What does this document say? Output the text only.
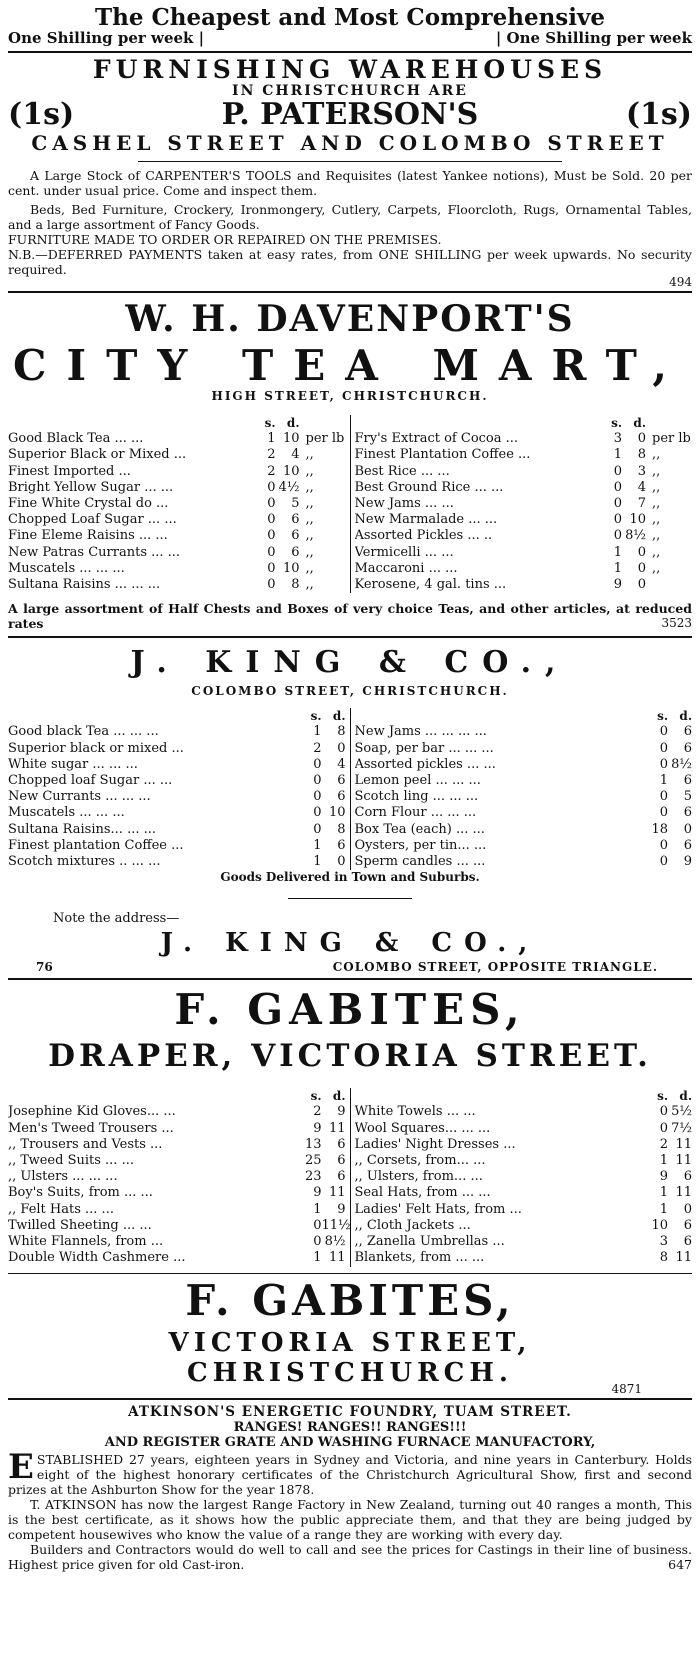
The Cheapest and Most Comprehensive
One Shilling per week |	| One Shilling per week
FURNISHING WAREHOUSES
IN CHRISTCHURCH ARE
(1s)	P. PATERSON'S	(1s)
CASHEL STREET AND COLOMBO STREET

A Large Stock of CARPENTER'S TOOLS and Requisites (latest Yankee notions), Must be Sold. 20 per cent. under usual price. Come and inspect them.

Beds, Bed Furniture, Crockery, Ironmongery, Cutlery, Carpets, Floorcloth, Rugs, Ornamental Tables, and a large assortment of Fancy Goods.

FURNITURE MADE TO ORDER OR REPAIRED ON THE PREMISES.

N.B.—DEFERRED PAYMENTS taken at easy rates, from ONE SHILLING per week upwards. No security required.

494
W. H. DAVENPORT'S
CITY TEA MART,
HIGH STREET, CHRISTCHURCH.
s. d.
Good Black Tea ... ...	1 10 per lb
Superior Black or Mixed ...	2	4 ,,
Finest Imported ...	2 10 ,,
Bright Yellow Sugar ... ...	0 4½ ,,
Fine White Crystal do ...	0	5 ,,
Chopped Loaf Sugar ... ...	0	6 ,,
Fine Eleme Raisins ... ...	0	6 ,,
New Patras Currants ... ...	0	6 ,,
Muscatels ... ... ...	0 10 ,,
Sultana Raisins ... ... ...	0	8 ,,
s. d.
Fry's Extract of Cocoa ...	3	0 per lb
Finest Plantation Coffee ...	1	8 ,,
Best Rice ... ...	0	3 ,,
Best Ground Rice ... ...	0	4 ,,
New Jams ... ...	0	7 ,,
New Marmalade ... ...	0 10 ,,
Assorted Pickles ... ..	0 8½ ,,
Vermicelli ... ...	1	0 ,,
Maccaroni ... ...	1	0 ,,
Kerosene, 4 gal. tins ...	9	0

A large assortment of Half Chests and Boxes of very choice Teas, and other articles, at reduced rates	3523
J. KING & CO.,
COLOMBO STREET, CHRISTCHURCH.
s. d.
Good black Tea ... ... ...	1	8
Superior black or mixed ...	2	0
White sugar ... ... ...	0	4
Chopped loaf Sugar ... ...	0	6
New Currants ... ... ...	0	6
Muscatels ... ... ...	0 10
Sultana Raisins... ... ...	0	8
Finest plantation Coffee ...	1	6
Scotch mixtures .. ... ...	1	0
s. d.
New Jams ... ... ... ...	0	6
Soap, per bar ... ... ...	0	6
Assorted pickles ... ...	0 8½
Lemon peel ... ... ...	1	6
Scotch ling ... ... ...	0	5
Corn Flour ... ... ...	0	6
Box Tea (each) ... ...	18	0
Oysters, per tin... ...	0	6
Sperm candles ... ...	0	9
Goods Delivered in Town and Suburbs.
Note the address—
J. KING & CO.,
76	COLOMBO STREET, OPPOSITE TRIANGLE.
F. GABITES,
DRAPER, VICTORIA STREET.
s. d.
Josephine Kid Gloves... ...	2	9
Men's Tweed Trousers ...	9 11
,, Trousers and Vests ...	13	6
,, Tweed Suits ... ...	25	6
,, Ulsters ... ... ...	23	6
Boy's Suits, from ... ...	9 11
,, Felt Hats ... ...	1	9
Twilled Sheeting ... ...	0 11½
White Flannels, from ...	0 8½
Double Width Cashmere ...	1 11
s. d.
White Towels ... ...	0 5½
Wool Squares... ... ...	0 7½
Ladies' Night Dresses ...	2 11
,, Corsets, from... ...	1 11
,, Ulsters, from... ...	9	6
Seal Hats, from ... ...	1 11
Ladies' Felt Hats, from ...	1	0
,, Cloth Jackets ...	10	6
,, Zanella Umbrellas ...	3	6
Blankets, from ... ...	8 11
F. GABITES,
VICTORIA STREET, CHRISTCHURCH.
4871
ATKINSON'S ENERGETIC FOUNDRY, TUAM STREET.
RANGES! RANGES!! RANGES!!!
AND REGISTER GRATE AND WASHING FURNACE MANUFACTORY,

ESTABLISHED 27 years, eighteen years in Sydney and Victoria, and nine years in Canterbury. Holds eight of the highest honorary certificates of the Christchurch Agricultural Show, first and second prizes at the Ashburton Show for the year 1878.

T. ATKINSON has now the largest Range Factory in New Zealand, turning out 40 ranges a month, This is the best certificate, as it shows how the public appreciate them, and that they are being judged by competent housewives who know the value of a range they are working with every day.

Builders and Contractors would do well to call and see the prices for Castings in their line of business. Highest price given for old Cast-iron.	647
